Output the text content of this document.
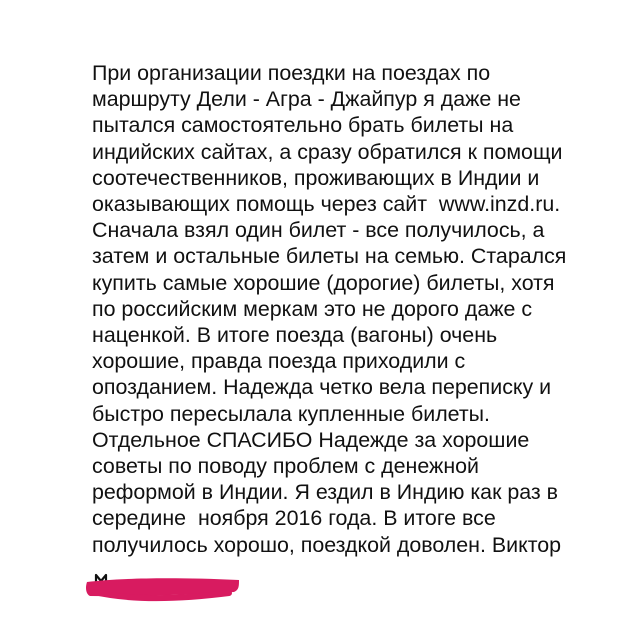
При организации поездки на поездах по
маршруту Дели - Агра - Джайпур я даже не
пытался самостоятельно брать билеты на
индийских сайтах, а сразу обратился к помощи
соотечественников, проживающих в Индии и
оказывающих помощь через сайт  www.inzd.ru.
Сначала взял один билет - все получилось, а
затем и остальные билеты на семью. Старался
купить самые хорошие (дорогие) билеты, хотя
по российским меркам это не дорого даже с
наценкой. В итоге поезда (вагоны) очень
хорошие, правда поезда приходили с
опозданием. Надежда четко вела переписку и
быстро пересылала купленные билеты.
Отдельное СПАСИБО Надежде за хорошие
советы по поводу проблем с денежной
реформой в Индии. Я ездил в Индию как раз в
середине  ноября 2016 года. В итоге все
получилось хорошо, поездкой доволен. Виктор
